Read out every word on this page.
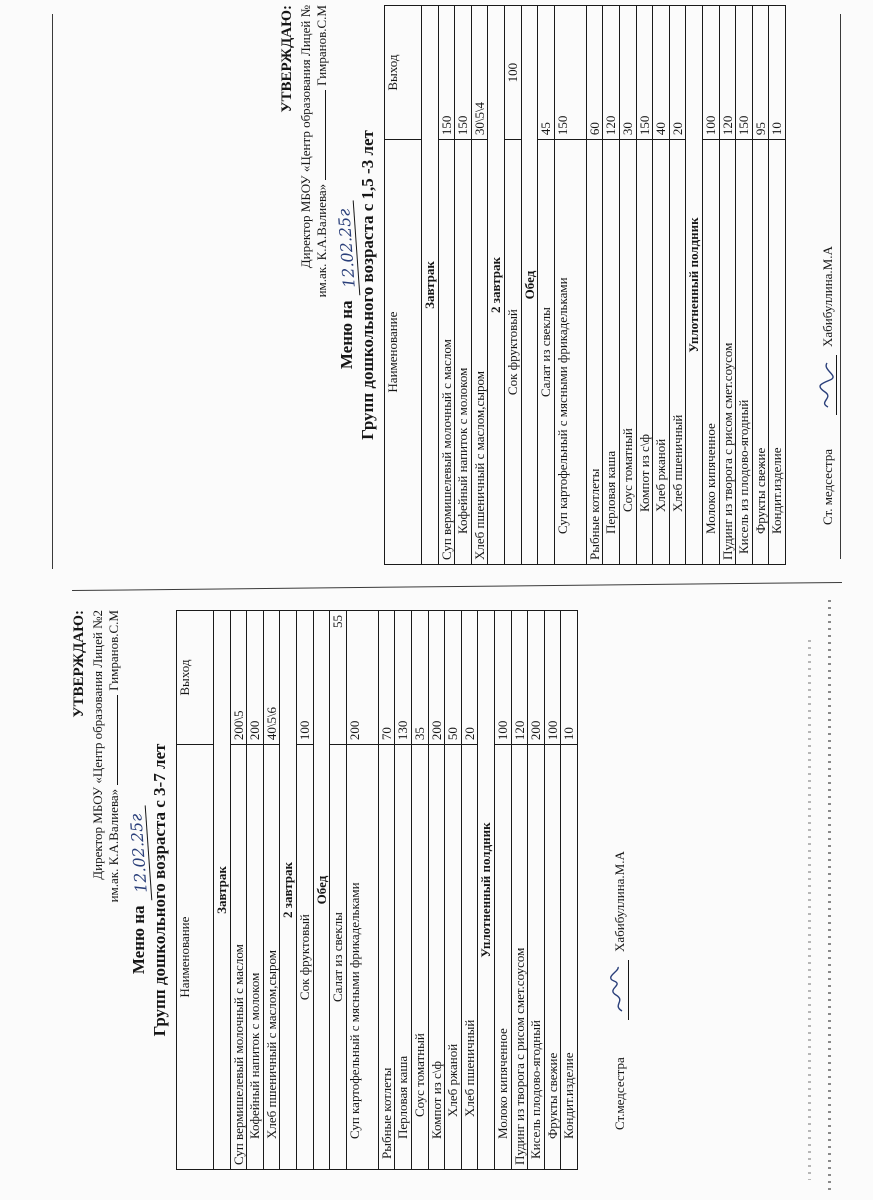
УТВЕРЖДАЮ: Директор МБОУ «Центр образования Лицей №2 им.ак. К.А.Валиева»Гимранов.С.М
Меню на 12.02.25г
Групп дошкольного возраста с 3-7 лет Наименование	Выход
Завтрак	
Суп вермишелевый молочный с маслом	200\5
Кофейный напиток с молоком	200
Хлеб пшеничный с маслом,сыром	40\5\6
2 завтрак	
Сок фруктовый	100
Обед	
Салат из свеклы	55
Суп картофельный с мясными фрикадельками	200
Рыбные котлеты	70
Перловая каша	130
Соус томатный	35
Компот из с\ф	200
Хлеб ржаной	50
Хлеб пшеничный	20
Уплотненный полдник	
Молоко кипяченное	100
Пудинг из творога с рисом смет.соусом	120
Кисель плодово-ягодный	200
Фрукты свежие	100
Кондит.изделие	10
Ст.медсестра
Хабибуллина.М.А
УТВЕРЖДАЮ: Директор МБОУ «Центр образования Лицей № им.ак. К.А.Валиева»Гимранов.С.М
Меню на 12.02.25г
Групп дошкольного возраста с 1,5 -3 лет Наименование	Выход
Завтрак	
Суп вермишелевый молочный с маслом	150
Кофейный напиток с молоком	150
Хлеб пшеничный с маслом,сыром	30\5\4
2 завтрак	
Сок фруктовый	100
Обед	
Салат из свеклы	45
Суп картофельный с мясными фрикадельками	150
Рыбные котлеты	60
Перловая каша	120
Соус томатный	30
Компот из с\ф	150
Хлеб ржаной	40
Хлеб пшеничный	20
Уплотненный полдник	
Молоко кипяченное	100
Пудинг из творога с рисом смет.соусом	120
Кисель из плодово-ягодный	150
Фрукты свежие	95
Кондит.изделие	10
Ст. медсестра
Хабибуллина.М.А
